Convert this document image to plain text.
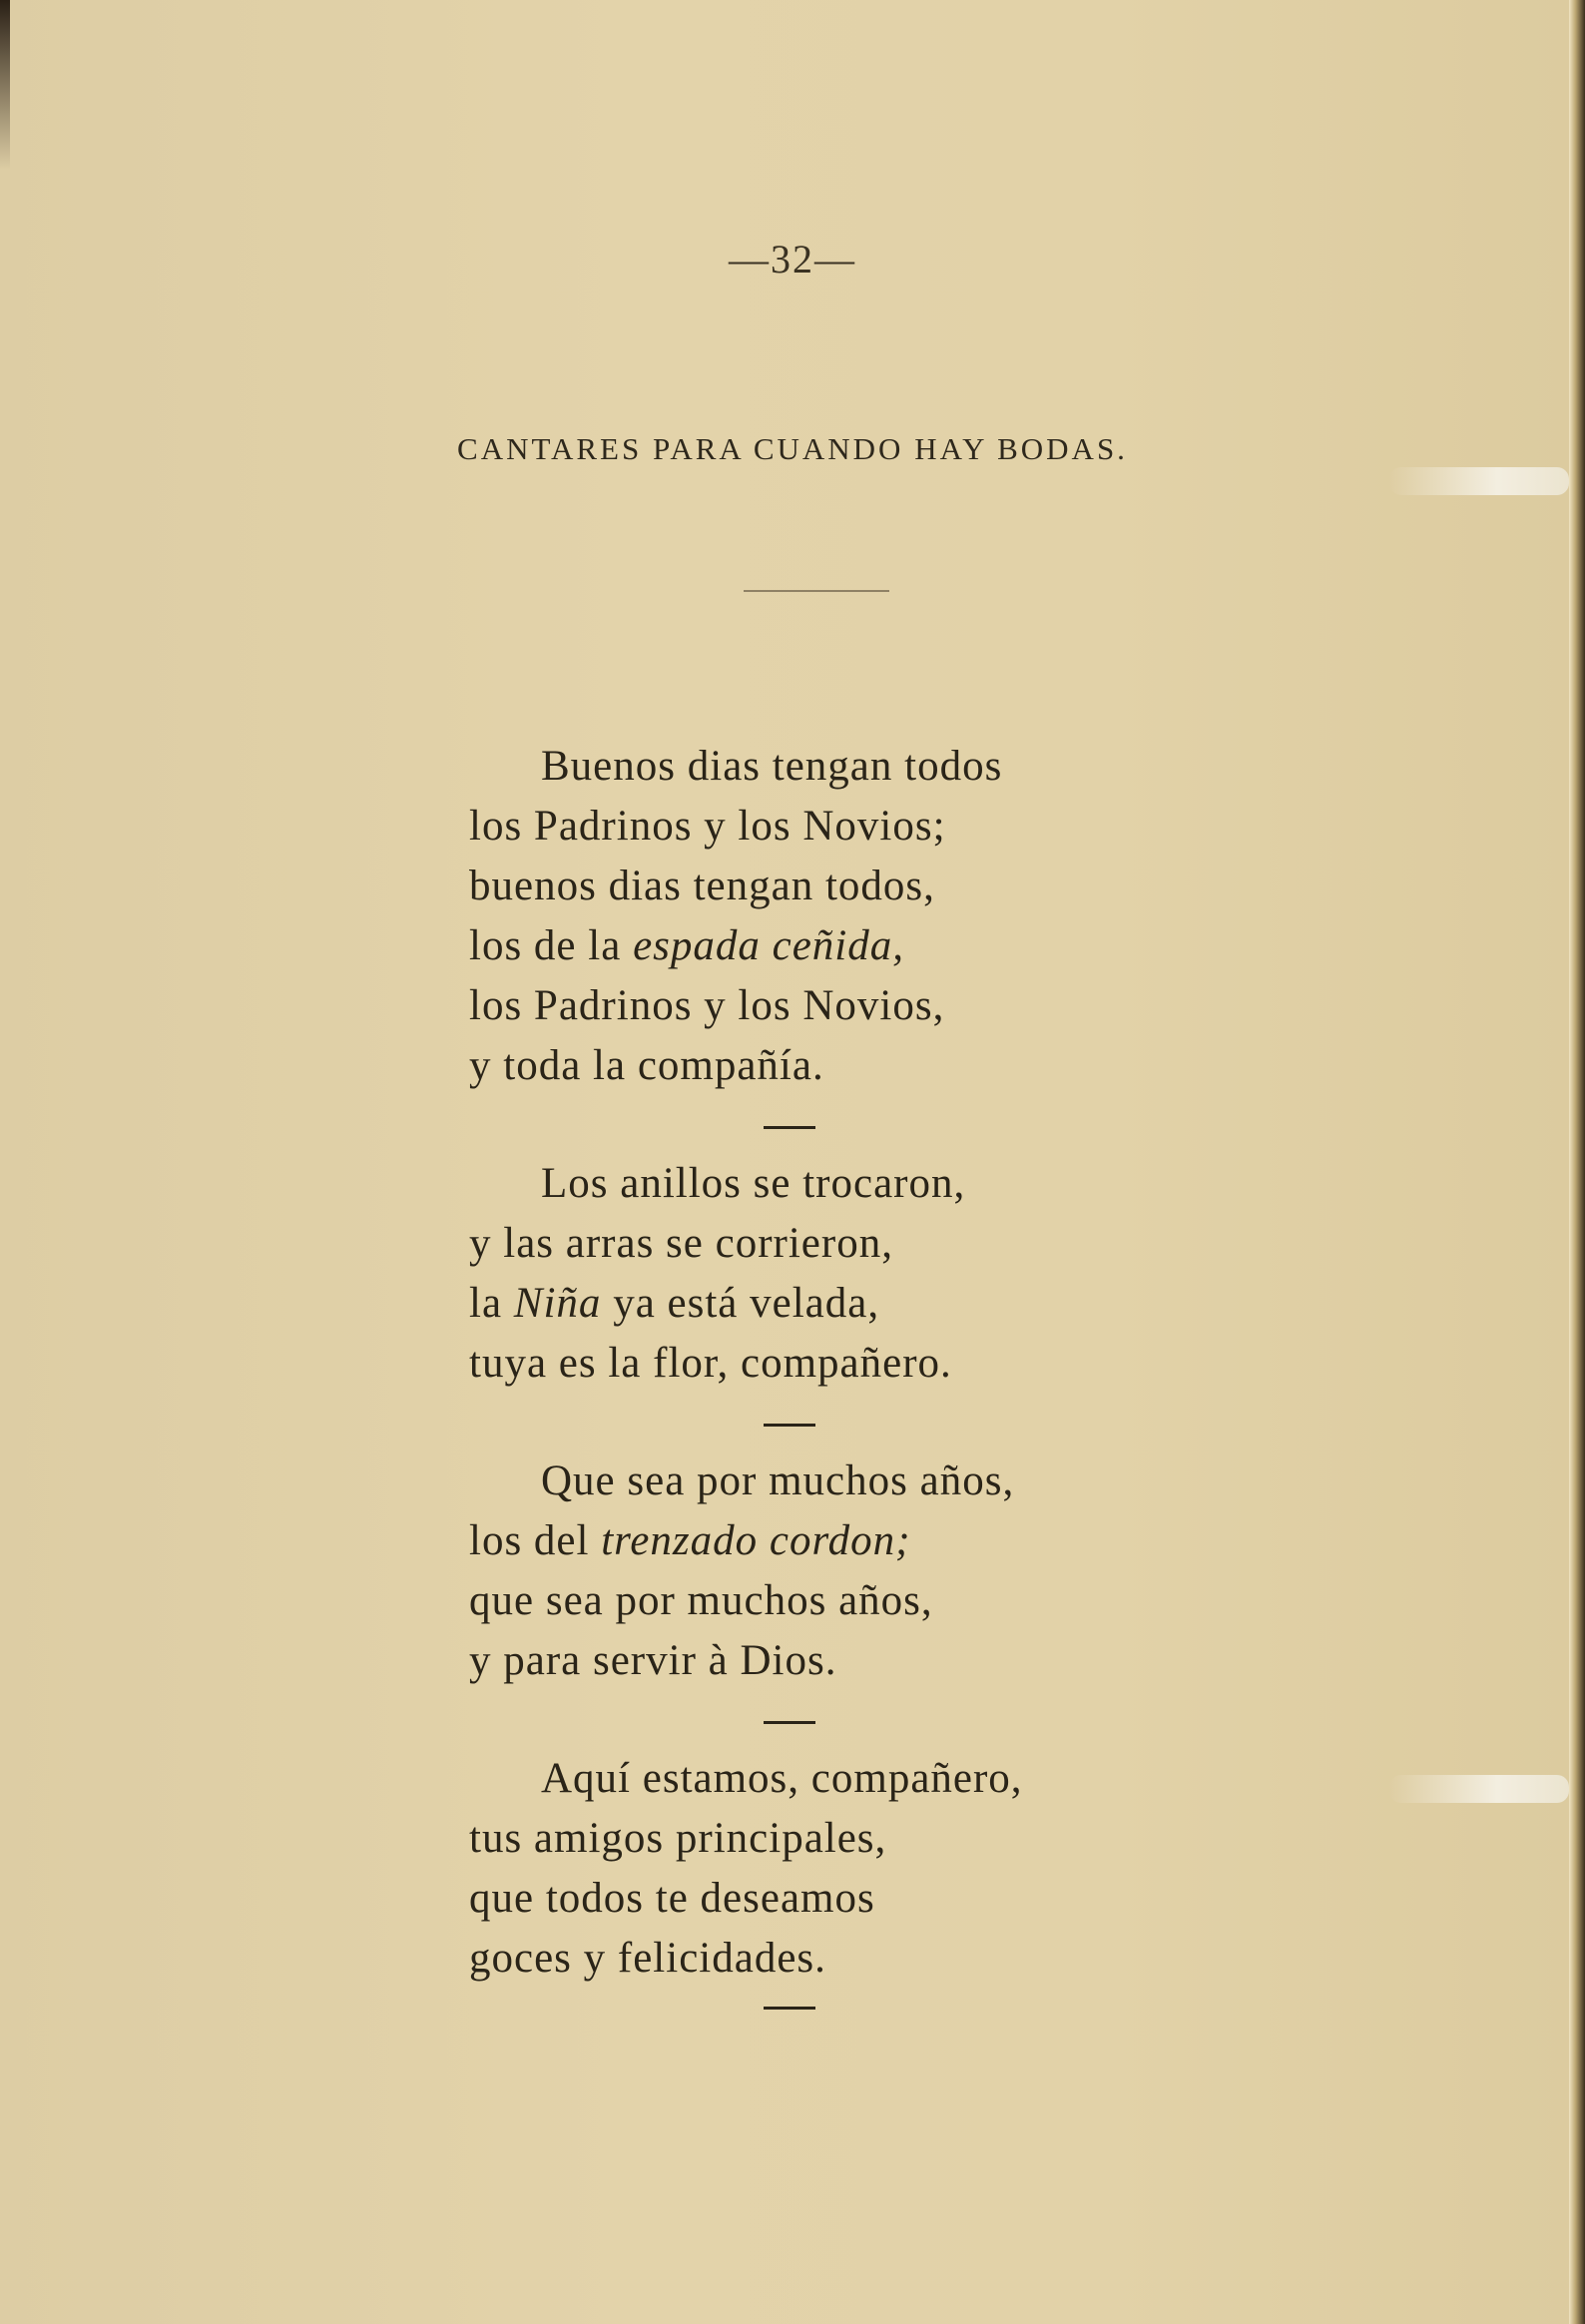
—32—
CANTARES PARA CUANDO HAY BODAS.
Buenos dias tengan todos
los Padrinos y los Novios;
buenos dias tengan todos,
los de la espada ceñida,
los Padrinos y los Novios,
y toda la compañía.
Los anillos se trocaron,
y las arras se corrieron,
la Niña ya está velada,
tuya es la flor, compañero.
Que sea por muchos años,
los del trenzado cordon;
que sea por muchos años,
y para servir à Dios.
Aquí estamos, compañero,
tus amigos principales,
que todos te deseamos
goces y felicidades.
